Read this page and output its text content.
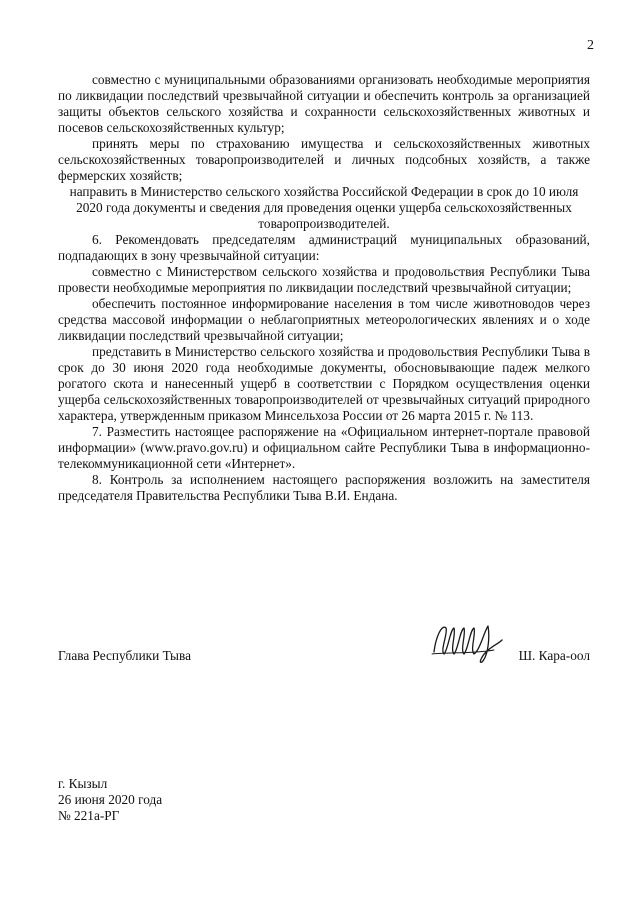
2

совместно с муниципальными образованиями организовать необходимые мероприятия по ликвидации последствий чрезвычайной ситуации и обеспечить контроль за организацией защиты объектов сельского хозяйства и сохранности сельскохозяйственных животных и посевов сельскохозяйственных культур;

принять меры по страхованию имущества и сельскохозяйственных животных сельскохозяйственных товаропроизводителей и личных подсобных хозяйств, а также фермерских хозяйств;

направить в Министерство сельского хозяйства Российской Федерации в срок до 10 июля 2020 года документы и сведения для проведения оценки ущерба сельскохозяйственных товаропроизводителей.

6. Рекомендовать председателям администраций муниципальных образований, подпадающих в зону чрезвычайной ситуации:

совместно с Министерством сельского хозяйства и продовольствия Республики Тыва провести необходимые мероприятия по ликвидации последствий чрезвычайной ситуации;

обеспечить постоянное информирование населения в том числе животноводов через средства массовой информации о неблагоприятных метеорологических явлениях и о ходе ликвидации последствий чрезвычайной ситуации;

представить в Министерство сельского хозяйства и продовольствия Республики Тыва в срок до 30 июня 2020 года необходимые документы, обосновывающие падеж мелкого рогатого скота и нанесенный ущерб в соответствии с Порядком осуществления оценки ущерба сельскохозяйственных товаропроизводителей от чрезвычайных ситуаций природного характера, утвержденным приказом Минсельхоза России от 26 марта 2015 г. № 113.

7. Разместить настоящее распоряжение на «Официальном интернет-портале правовой информации» (www.pravo.gov.ru) и официальном сайте Республики Тыва в информационно-телекоммуникационной сети «Интернет».

8. Контроль за исполнением настоящего распоряжения возложить на заместителя председателя Правительства Республики Тыва В.И. Ендана.

Глава Республики Тыва	Ш. Кара-оол
г. Кызыл
26 июня 2020 года
№ 221а-РГ
